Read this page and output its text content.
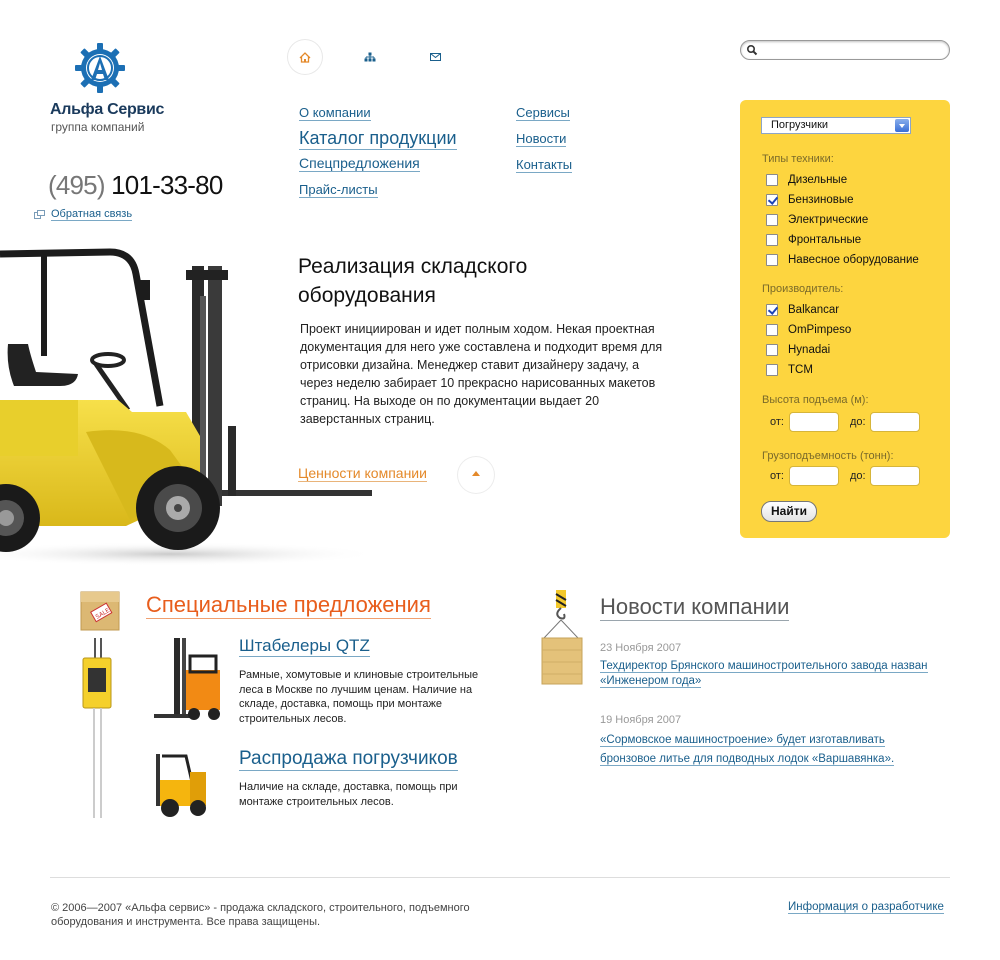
Альфа Сервис
группа компаний
(495) 101-33-80
Обратная связь
О компании
Каталог продукции
Спецпредложения
Прайс-листы
Сервисы
Новости
Контакты
Погрузчики
Типы техники:
Дизельные
Бензиновые
Электрические
Фронтальные
Навесное оборудование
Производитель:
Balkancar
OmPimpeso
Hynadai
TCM
Высота подъема (м):
от:	до:
Грузоподъемность (тонн):
от:	до:
Найти
Реализация складского оборудования
Проект инициирован и идет полным ходом. Некая проектная документация для него уже составлена и подходит время для отрисовки дизайна. Менеджер ставит дизайнеру задачу, а через неделю забирает 10 прекрасно нарисованных макетов страниц. На выходе он по документации выдает 20 заверстанных страниц.
Ценности компании
SALE Специальные предложения
Штабелеры QTZ
Рамные, хомутовые и клиновые строительные леса в Москве по лучшим ценам. Наличие на складе, доставка, помощь при монтаже строительных лесов.
Распродажа погрузчиков
Наличие на складе, доставка, помощь при монтаже строительных лесов.
Новости компании
23 Ноября 2007
Техдиректор Брянского машиностроительного завода назван «Инженером года»
19 Ноября 2007
«Сормовское машиностроение» будет изготавливать бронзовое литье для подводных лодок «Варшавянка».
© 2006—2007 «Альфа сервис» - продажа складского, строительного, подъемного оборудования и инструмента. Все права защищены.
Информация о разработчике
